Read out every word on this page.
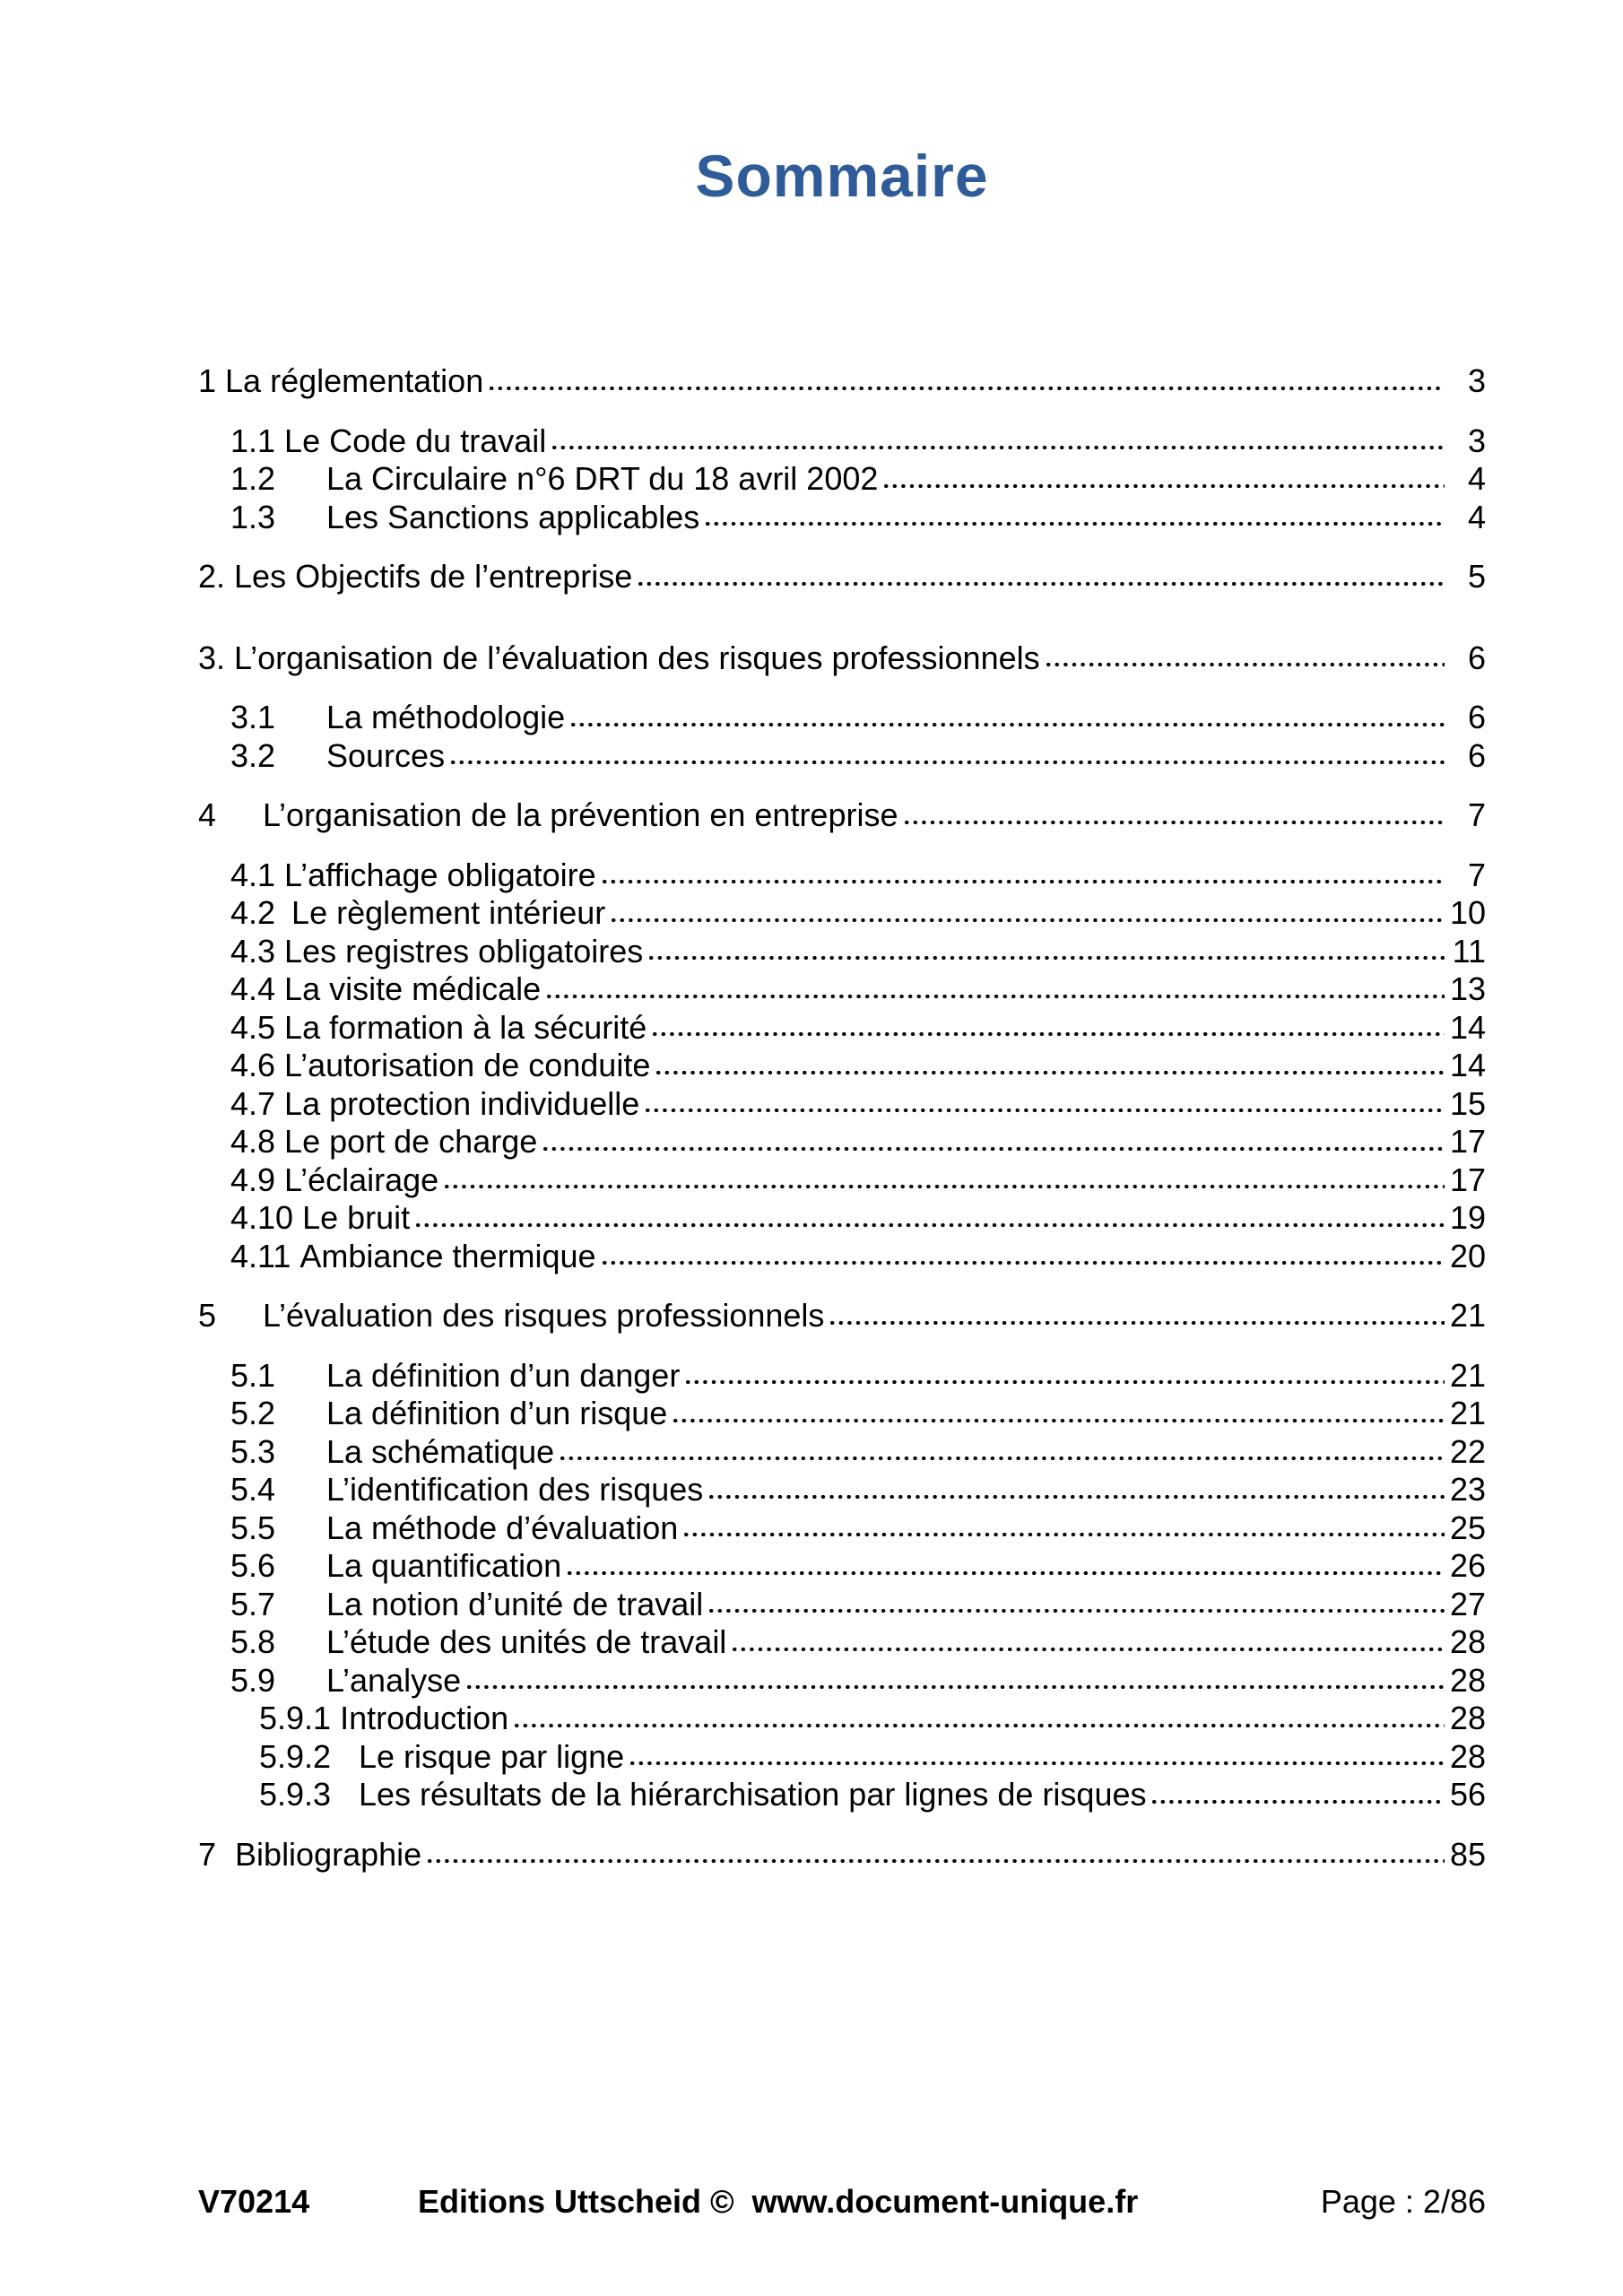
Sommaire
1 La réglementation	3
1.1 Le Code du travail	3
1.2	La Circulaire n°6 DRT du 18 avril 2002	4
1.3	Les Sanctions applicables	4
2. Les Objectifs de l’entreprise	5
3. L’organisation de l’évaluation des risques professionnels	6
3.1	La méthodologie	6
3.2	Sources	6
4	L’organisation de la prévention en entreprise	7
4.1 L’affichage obligatoire	7
4.2 Le règlement intérieur	10
4.3 Les registres obligatoires	11
4.4 La visite médicale	13
4.5 La formation à la sécurité	14
4.6 L’autorisation de conduite	14
4.7 La protection individuelle	15
4.8 Le port de charge	17
4.9 L’éclairage	17
4.10 Le bruit	19
4.11 Ambiance thermique	20
5	L’évaluation des risques professionnels	21
5.1	La définition d’un danger	21
5.2	La définition d’un risque	21
5.3	La schématique	22
5.4	L’identification des risques	23
5.5	La méthode d’évaluation	25
5.6	La quantification	26
5.7	La notion d’unité de travail	27
5.8	L’étude des unités de travail	28
5.9	L’analyse	28
5.9.1 Introduction	28
5.9.2 Le risque par ligne	28
5.9.3 Les résultats de la hiérarchisation par lignes de risques	56
7 Bibliographie	85
V70214	Editions Uttscheid ©  www.document-unique.fr	Page : 2/86
